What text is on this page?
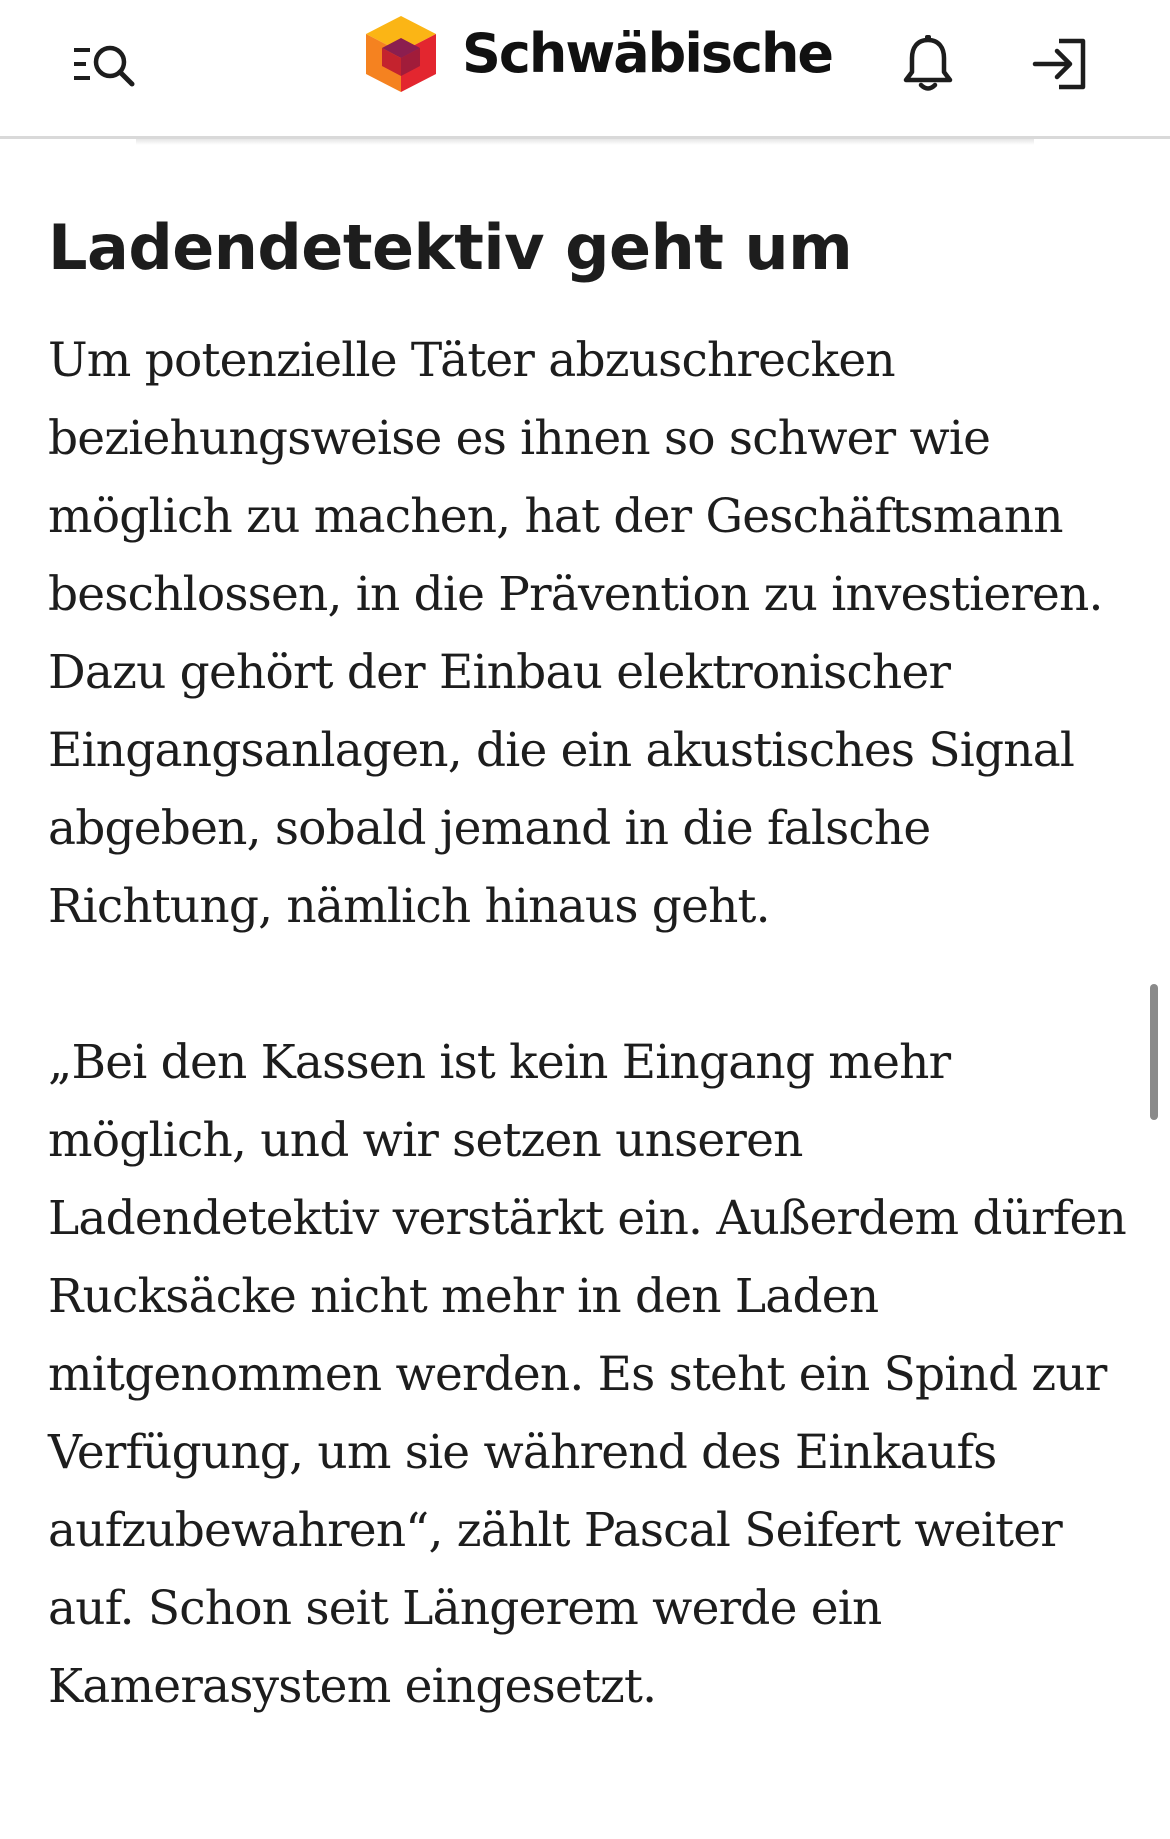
Schwäbische
Ladendetektiv geht um

Um potenzielle Täter abzuschrecken beziehungsweise es ihnen so schwer wie möglich zu machen, hat der Geschäftsmann beschlossen, in die Prävention zu investieren. Dazu gehört der Einbau elektronischer Eingangsanlagen, die ein akustisches Signal abgeben, sobald jemand in die falsche Richtung, nämlich hinaus geht.

„Bei den Kassen ist kein Eingang mehr möglich, und wir setzen unseren Ladendetektiv verstärkt ein. Außerdem dürfen Rucksäcke nicht mehr in den Laden mitgenommen werden. Es steht ein Spind zur Verfügung, um sie während des Einkaufs aufzubewahren“, zählt Pascal Seifert weiter auf. Schon seit Längerem werde ein Kamerasystem eingesetzt.
